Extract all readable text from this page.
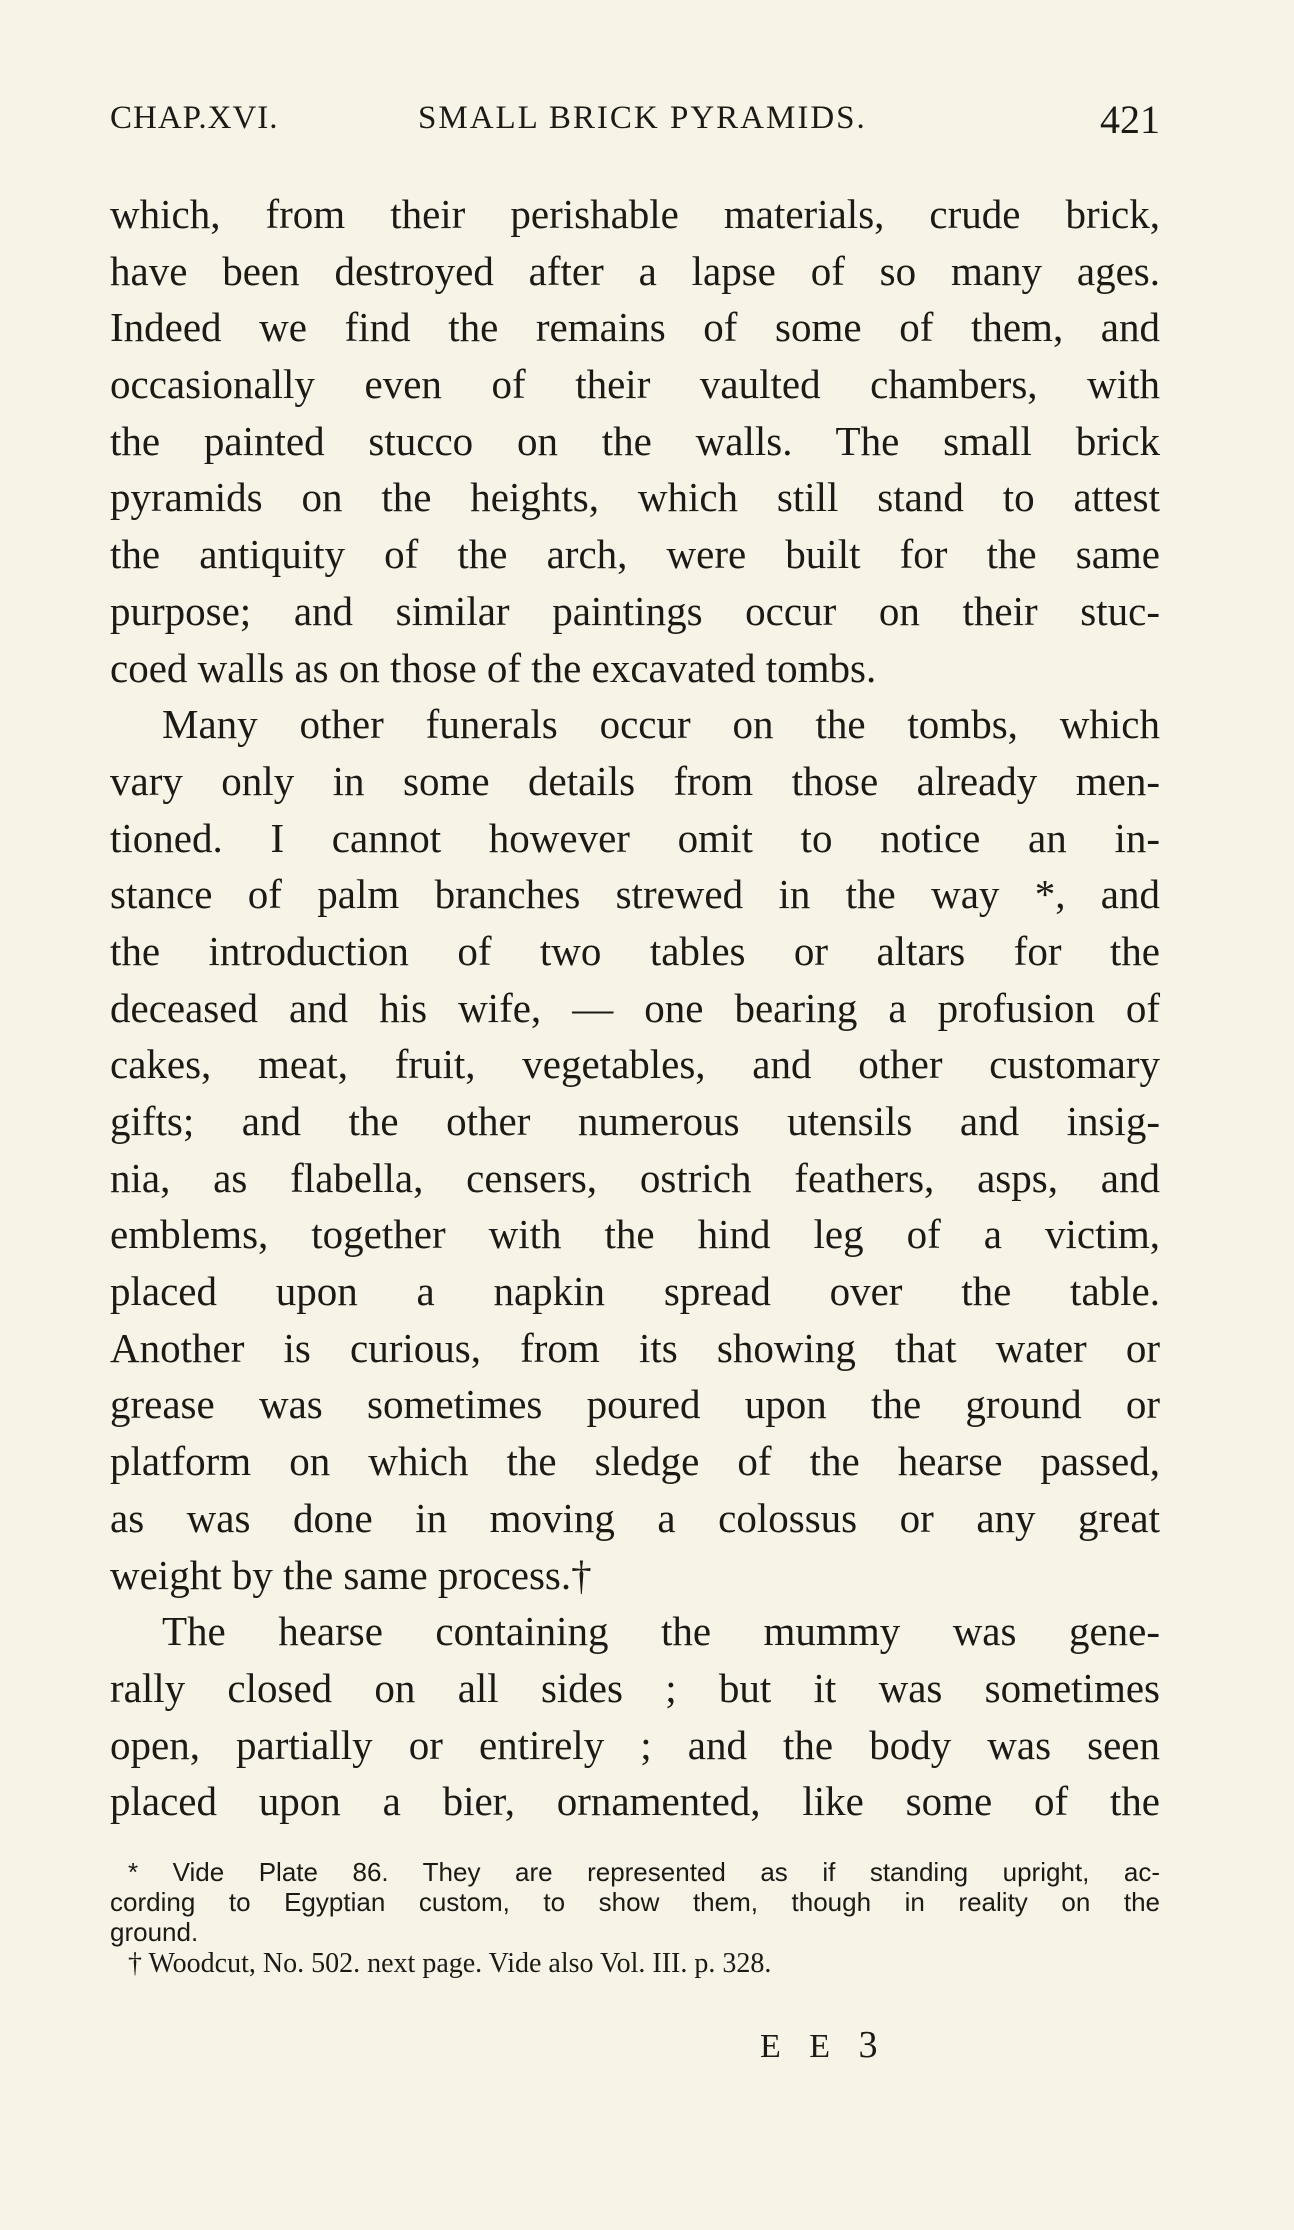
CHAP.XVI.	SMALL BRICK PYRAMIDS.	421
which, from their perishable materials, crude brick,
have been destroyed after a lapse of so many ages.
Indeed we find the remains of some of them, and
occasionally even of their vaulted chambers, with
the painted stucco on the walls. The small brick
pyramids on the heights, which still stand to attest
the antiquity of the arch, were built for the same
purpose; and similar paintings occur on their stuc-
coed walls as on those of the excavated tombs.
Many other funerals occur on the tombs, which
vary only in some details from those already men-
tioned. I cannot however omit to notice an in-
stance of palm branches strewed in the way *, and
the introduction of two tables or altars for the
deceased and his wife, — one bearing a profusion of
cakes, meat, fruit, vegetables, and other customary
gifts; and the other numerous utensils and insig-
nia, as flabella, censers, ostrich feathers, asps, and
emblems, together with the hind leg of a victim,
placed upon a napkin spread over the table.
Another is curious, from its showing that water or
grease was sometimes poured upon the ground or
platform on which the sledge of the hearse passed,
as was done in moving a colossus or any great
weight by the same process.†
The hearse containing the mummy was gene-
rally closed on all sides ; but it was sometimes
open, partially or entirely ; and the body was seen
placed upon a bier, ornamented, like some of the
* Vide Plate 86. They are represented as if standing upright, ac-
cording to Egyptian custom, to show them, though in reality on the
ground.
† Woodcut, No. 502. next page. Vide also Vol. III. p. 328.
E E 3
